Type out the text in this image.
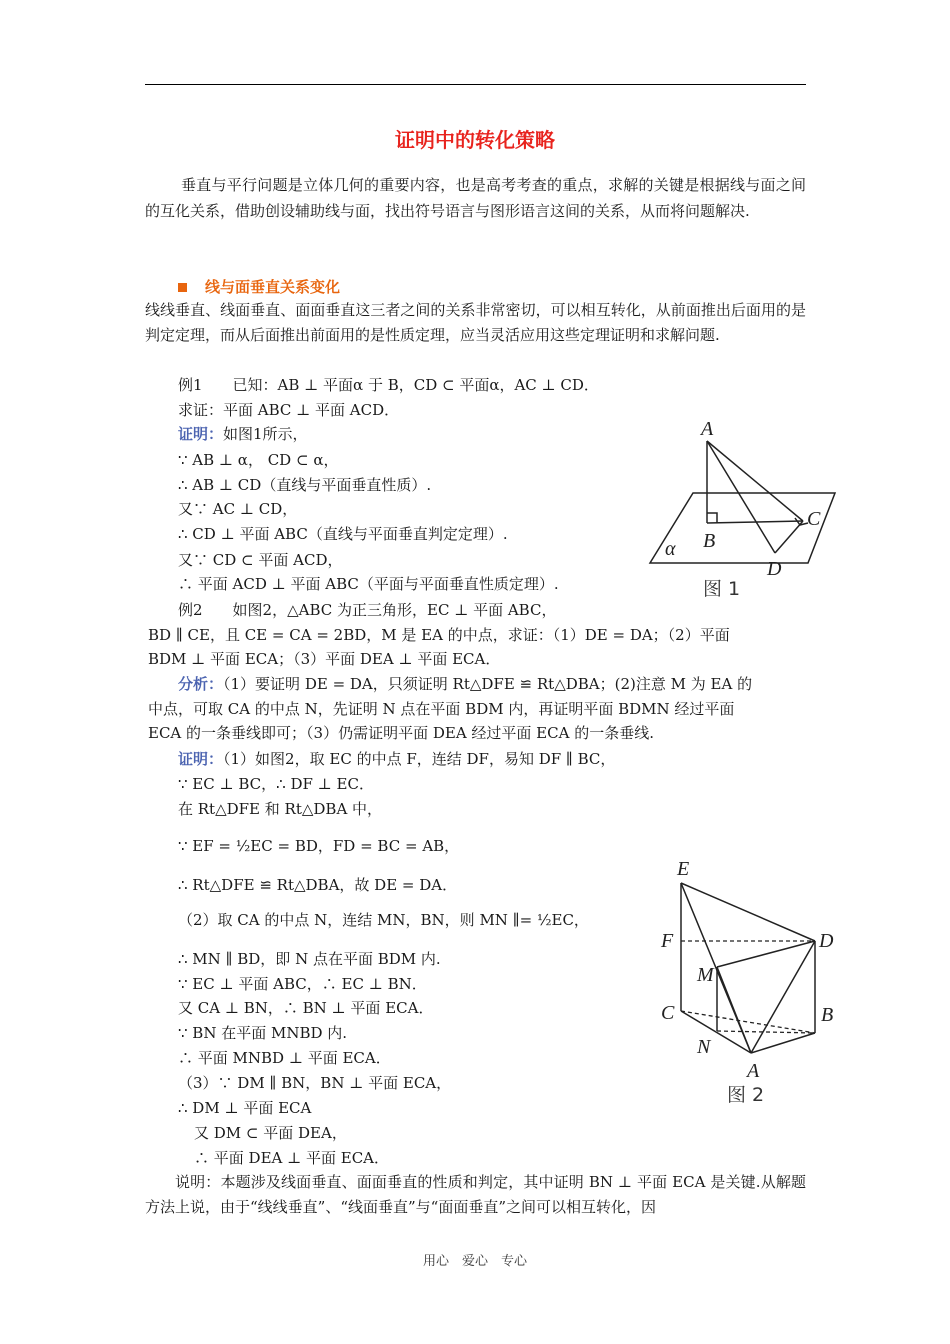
证明中的转化策略
垂直与平行问题是立体几何的重要内容，也是高考考查的重点，求解的关键是根据线与面之间的互化关系，借助创设辅助线与面，找出符号语言与图形语言这间的关系，从而将问题解决.
线与面垂直关系变化
线线垂直、线面垂直、面面垂直这三者之间的关系非常密切，可以相互转化，从前面推出后面用的是判定定理，而从后面推出前面用的是性质定理，应当灵活应用这些定理证明和求解问题.
例1　　已知：AB ⊥ 平面α 于 B，CD ⊂ 平面α，AC ⊥ CD．
求证：平面 ABC ⊥ 平面 ACD．
证明：如图1所示，
∵ AB ⊥ α， CD ⊂ α，
∴ AB ⊥ CD（直线与平面垂直性质）.
又∵ AC ⊥ CD，
∴ CD ⊥ 平面 ABC（直线与平面垂直判定定理）.
又∵ CD ⊂ 平面 ACD，
∴ 平面 ACD ⊥ 平面 ABC（平面与平面垂直性质定理）.
例2　　如图2，△ABC 为正三角形，EC ⊥ 平面 ABC，
BD ∥ CE，且 CE = CA = 2BD，M 是 EA 的中点，求证：（1）DE = DA；（2）平面
BDM ⊥ 平面 ECA；（3）平面 DEA ⊥ 平面 ECA．
分析：（1）要证明 DE = DA，只须证明 Rt△DFE ≌ Rt△DBA；(2)注意 M 为 EA 的
中点，可取 CA 的中点 N，先证明 N 点在平面 BDM 内，再证明平面 BDMN 经过平面
ECA 的一条垂线即可；（3）仍需证明平面 DEA 经过平面 ECA 的一条垂线.
证明：（1）如图2，取 EC 的中点 F，连结 DF，易知 DF ∥ BC，
∵ EC ⊥ BC，∴ DF ⊥ EC．
在 Rt△DFE 和 Rt△DBA 中，
∵ EF = ½EC = BD，FD = BC = AB，
∴ Rt△DFE ≌ Rt△DBA，故 DE = DA．
（2）取 CA 的中点 N，连结 MN，BN，则 MN ∥= ½EC，
∴ MN ∥ BD，即 N 点在平面 BDM 内.
∵ EC ⊥ 平面 ABC，∴ EC ⊥ BN．
又 CA ⊥ BN，∴ BN ⊥ 平面 ECA．
∵ BN 在平面 MNBD 内.
∴ 平面 MNBD ⊥ 平面 ECA．
（3）∵ DM ∥ BN，BN ⊥ 平面 ECA，
∴ DM ⊥ 平面 ECA
又 DM ⊂ 平面 DEA，
∴ 平面 DEA ⊥ 平面 ECA．
说明：本题涉及线面垂直、面面垂直的性质和判定，其中证明 BN ⊥ 平面 ECA 是关键.从解题方法上说，由于“线线垂直”、“线面垂直”与“面面垂直”之间可以相互转化，因
A
B
C
D
α
图 1
E
F
M
C
N
A
B
D
图 2
用心　爱心　专心
